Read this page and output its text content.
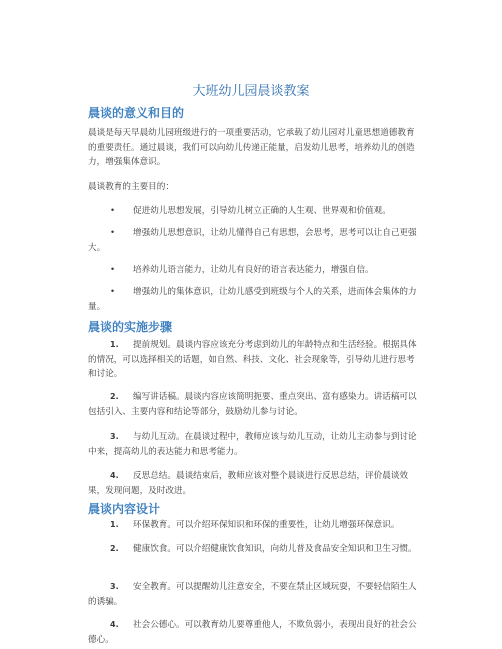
大班幼儿园晨谈教案
晨谈的意义和目的
晨谈是每天早晨幼儿园班级进行的一项重要活动，它承载了幼儿园对儿童思想道德教育的重要责任。通过晨谈，我们可以向幼儿传递正能量，启发幼儿思考，培养幼儿的创造力，增强集体意识。
晨谈教育的主要目的：
•	促进幼儿思想发展，引导幼儿树立正确的人生观、世界观和价值观。
•	增强幼儿思想意识，让幼儿懂得自己有思想，会思考，思考可以让自己更强大。
•	培养幼儿语言能力，让幼儿有良好的语言表达能力，增强自信。
•	增强幼儿的集体意识，让幼儿感受到班级与个人的关系，进而体会集体的力量。
晨谈的实施步骤
1.	提前规划。晨谈内容应该充分考虑到幼儿的年龄特点和生活经验。根据具体的情况，可以选择相关的话题，如自然、科技、文化、社会现象等，引导幼儿进行思考和讨论。
2.	编写讲话稿。晨谈内容应该简明扼要、重点突出、富有感染力。讲话稿可以包括引入、主要内容和结论等部分，鼓励幼儿参与讨论。
3.	与幼儿互动。在晨谈过程中，教师应该与幼儿互动，让幼儿主动参与到讨论中来，提高幼儿的表达能力和思考能力。
4.	反思总结。晨谈结束后，教师应该对整个晨谈进行反思总结，评价晨谈效果，发现问题，及时改进。
晨谈内容设计
1.	环保教育。可以介绍环保知识和环保的重要性，让幼儿增强环保意识。
2.	健康饮食。可以介绍健康饮食知识，向幼儿普及食品安全知识和卫生习惯。
3.	安全教育。可以提醒幼儿注意安全，不要在禁止区域玩耍，不要轻信陌生人的诱骗。
4.	社会公德心。可以教育幼儿要尊重他人，不欺负弱小，表现出良好的社会公德心。
